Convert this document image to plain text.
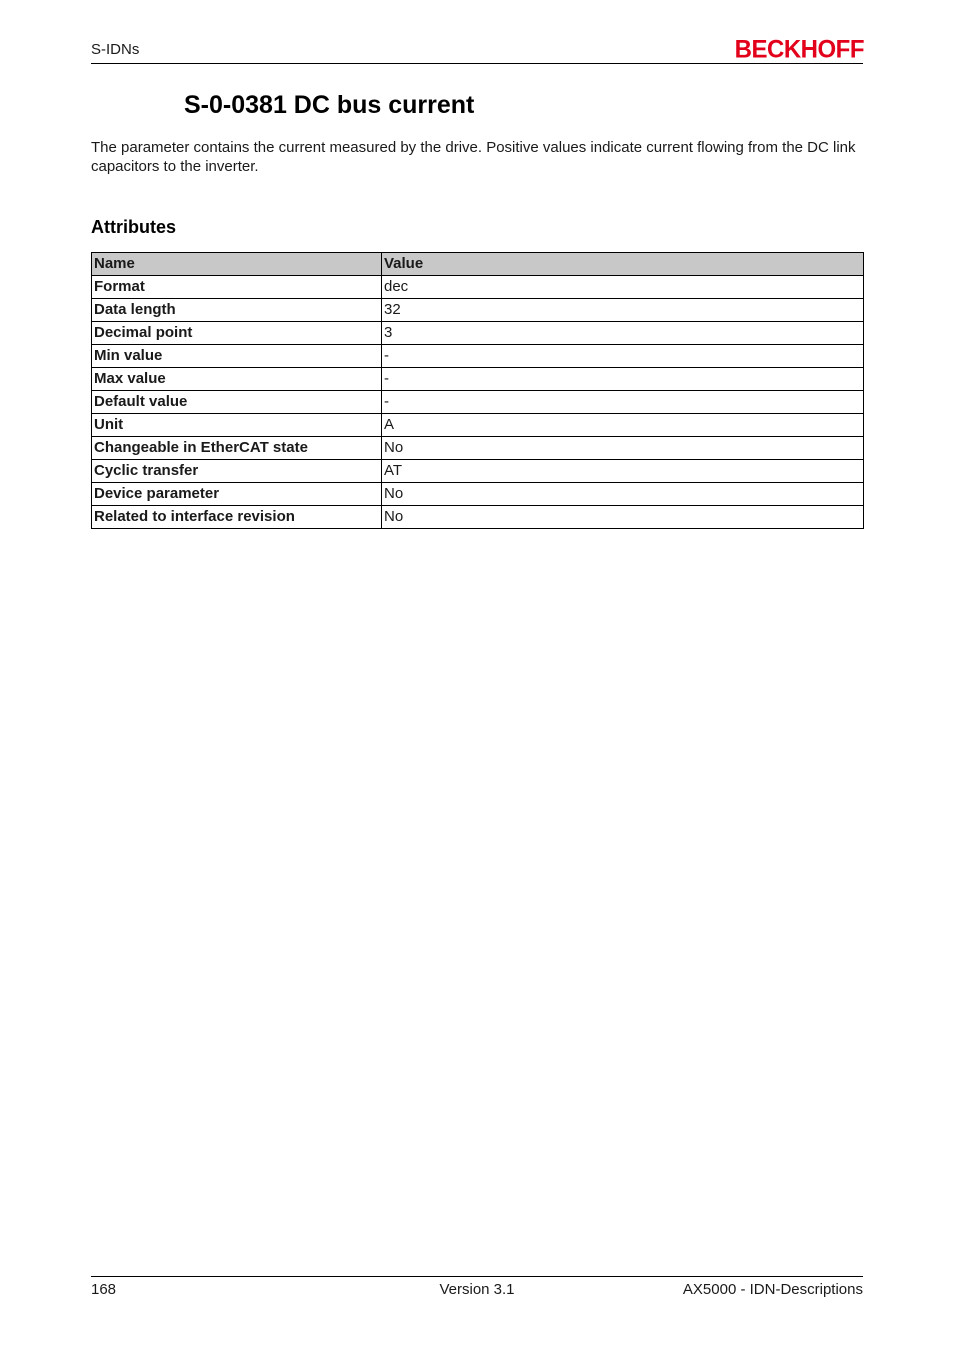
S-IDNs	BECKHOFF
S-0-0381 DC bus current

The parameter contains the current measured by the drive. Positive values indicate current flowing from the DC link capacitors to the inverter.

Attributes
Name	Value
Format	dec
Data length	32
Decimal point	3
Min value	-
Max value	-
Default value	-
Unit	A
Changeable in EtherCAT state	No
Cyclic transfer	AT
Device parameter	No
Related to interface revision	No
168	Version 3.1	AX5000 - IDN-Descriptions
